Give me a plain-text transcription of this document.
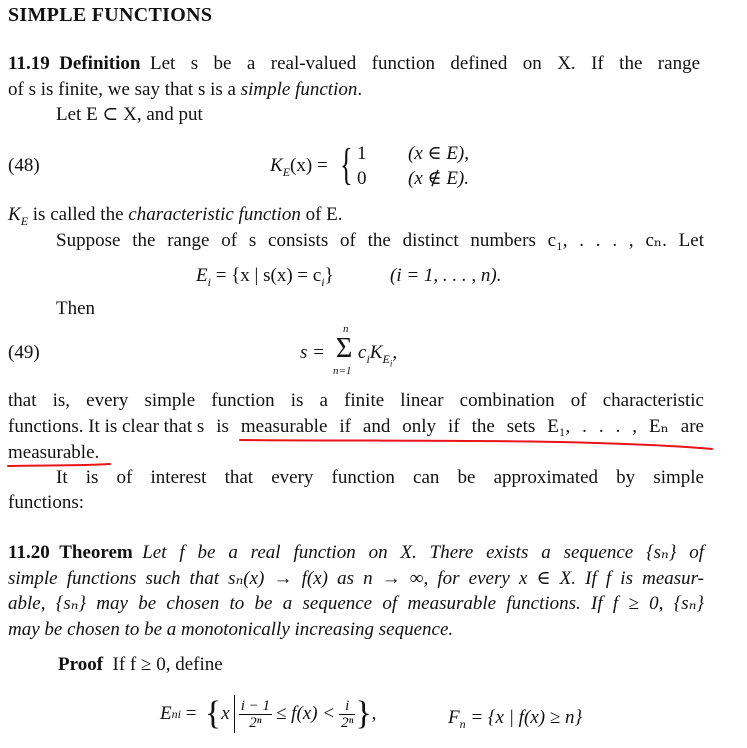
SIMPLE FUNCTIONS
11.19 Definition Let s be a real-valued function defined on X. If the range
of s is finite, we say that s is a simple function.
Let E ⊂ X, and put
(48)	$K_E(x)$ = { 1
0
(x ∈ E),
(x ∉ E).
$K_E$ is called the characteristic function of E.
Suppose the range of s consists of the distinct numbers c₁, . . . , cₙ. Let
$E_i = \{x$ | $s(x) = c_i$}	(i = 1, . . . , n).
Then
(49)	s =
n
Σ
n=1
$c_iK_{E_i}$,
that is, every simple function is a finite linear combination of characteristic
functions. It is clear that s is measurable if and only if the sets E₁, . . . , Eₙ are
measurable.
It is of interest that every function can be approximated by simple
functions:
11.20 Theorem Let f be a real function on X. There exists a sequence {sₙ} of
simple functions such that sₙ(x) → f(x) as n → ∞, for every x ∈ X. If f is measur-
able, {sₙ} may be chosen to be a sequence of measurable functions. If f ≥ 0, {sₙ}
may be chosen to be a monotonically increasing sequence.
Proof If f ≥ 0, define
E ni = { x $\frac{i - 1}{\text{2ⁿ}} \le f(x) < \frac{i}{\text{2ⁿ}}$ } ,	$F_n = \{x$ | f(x) ≥ n}
